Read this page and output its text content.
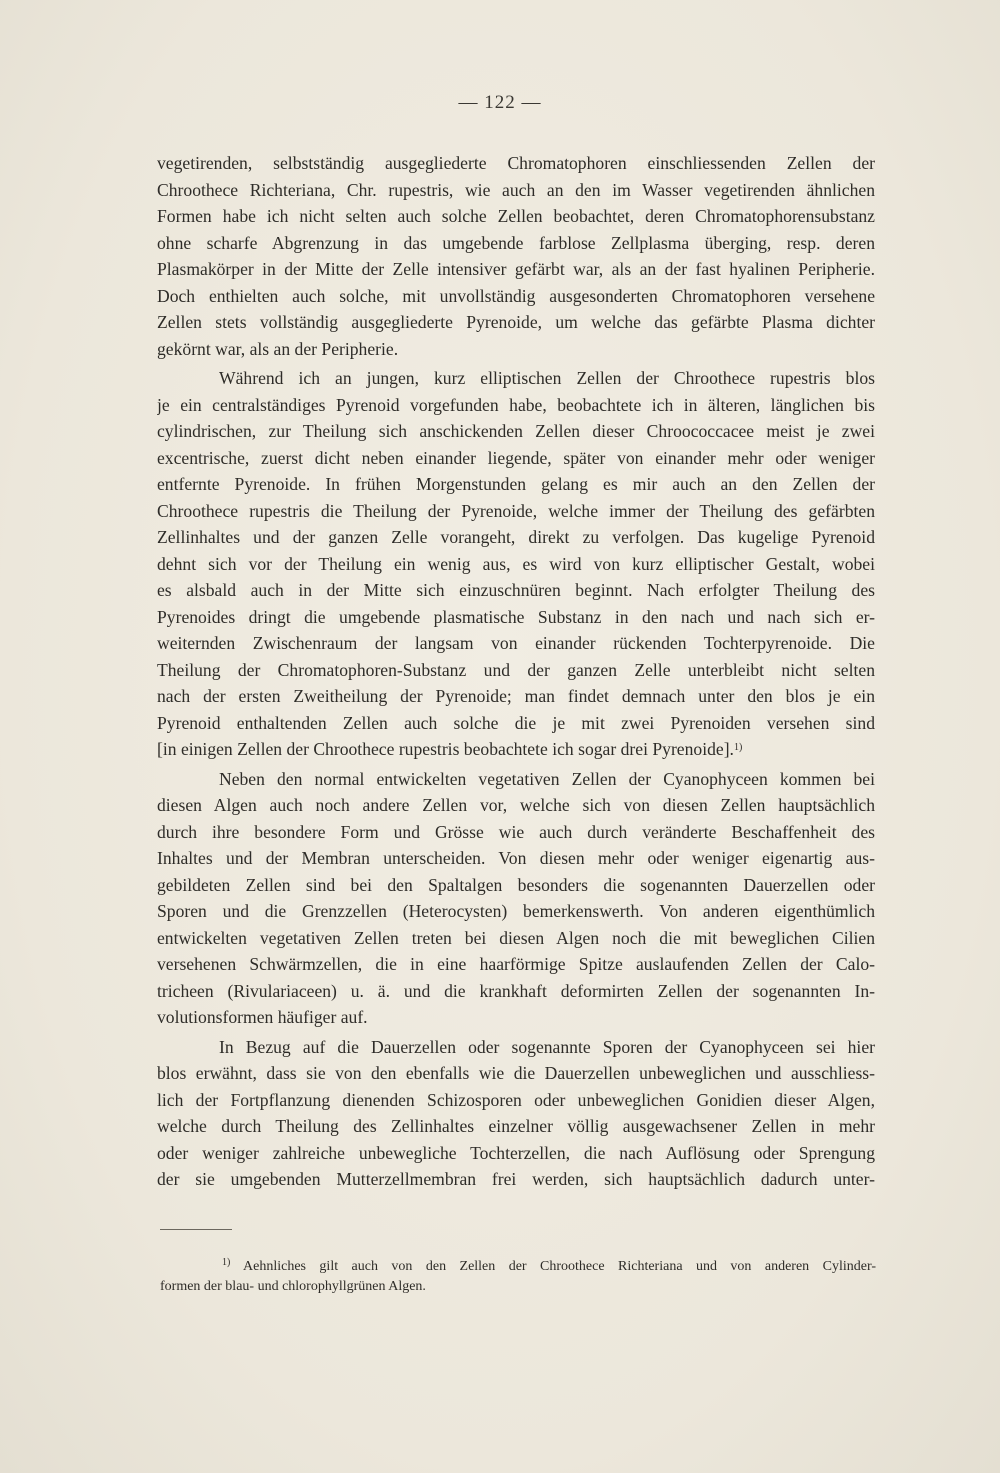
— 122 —
vegetirenden, selbstständig ausgegliederte Chromatophoren einschliessenden Zellen der
Chroothece Richteriana, Chr. rupestris, wie auch an den im Wasser vegetirenden ähnlichen
Formen habe ich nicht selten auch solche Zellen beobachtet, deren Chromatophorensubstanz
ohne scharfe Abgrenzung in das umgebende farblose Zellplasma überging, resp. deren
Plasmakörper in der Mitte der Zelle intensiver gefärbt war, als an der fast hyalinen Peripherie.
Doch enthielten auch solche, mit unvollständig ausgesonderten Chromatophoren versehene
Zellen stets vollständig ausgegliederte Pyrenoide, um welche das gefärbte Plasma dichter
gekörnt war, als an der Peripherie.
Während ich an jungen, kurz elliptischen Zellen der Chroothece rupestris blos
je ein centralständiges Pyrenoid vorgefunden habe, beobachtete ich in älteren, länglichen bis
cylindrischen, zur Theilung sich anschickenden Zellen dieser Chroococcacee meist je zwei
excentrische, zuerst dicht neben einander liegende, später von einander mehr oder weniger
entfernte Pyrenoide. In frühen Morgenstunden gelang es mir auch an den Zellen der
Chroothece rupestris die Theilung der Pyrenoide, welche immer der Theilung des gefärbten
Zellinhaltes und der ganzen Zelle vorangeht, direkt zu verfolgen. Das kugelige Pyrenoid
dehnt sich vor der Theilung ein wenig aus, es wird von kurz elliptischer Gestalt, wobei
es alsbald auch in der Mitte sich einzuschnüren beginnt. Nach erfolgter Theilung des
Pyrenoides dringt die umgebende plasmatische Substanz in den nach und nach sich er-
weiternden Zwischenraum der langsam von einander rückenden Tochterpyrenoide. Die
Theilung der Chromatophoren-Substanz und der ganzen Zelle unterbleibt nicht selten
nach der ersten Zweitheilung der Pyrenoide; man findet demnach unter den blos je ein
Pyrenoid enthaltenden Zellen auch solche die je mit zwei Pyrenoiden versehen sind
[in einigen Zellen der Chroothece rupestris beobachtete ich sogar drei Pyrenoide].$^{1)}$
Neben den normal entwickelten vegetativen Zellen der Cyanophyceen kommen bei
diesen Algen auch noch andere Zellen vor, welche sich von diesen Zellen hauptsächlich
durch ihre besondere Form und Grösse wie auch durch veränderte Beschaffenheit des
Inhaltes und der Membran unterscheiden. Von diesen mehr oder weniger eigenartig aus-
gebildeten Zellen sind bei den Spaltalgen besonders die sogenannten Dauerzellen oder
Sporen und die Grenzzellen (Heterocysten) bemerkenswerth. Von anderen eigenthümlich
entwickelten vegetativen Zellen treten bei diesen Algen noch die mit beweglichen Cilien
versehenen Schwärmzellen, die in eine haarförmige Spitze auslaufenden Zellen der Calo-
tricheen (Rivulariaceen) u. ä. und die krankhaft deformirten Zellen der sogenannten In-
volutionsformen häufiger auf.
In Bezug auf die Dauerzellen oder sogenannte Sporen der Cyanophyceen sei hier
blos erwähnt, dass sie von den ebenfalls wie die Dauerzellen unbeweglichen und ausschliess-
lich der Fortpflanzung dienenden Schizosporen oder unbeweglichen Gonidien dieser Algen,
welche durch Theilung des Zellinhaltes einzelner völlig ausgewachsener Zellen in mehr
oder weniger zahlreiche unbewegliche Tochterzellen, die nach Auflösung oder Sprengung
der sie umgebenden Mutterzellmembran frei werden, sich hauptsächlich dadurch unter-
$^{1)}$ Aehnliches gilt auch von den Zellen der Chroothece Richteriana und von anderen Cylinder-
formen der blau- und chlorophyllgrünen Algen.
